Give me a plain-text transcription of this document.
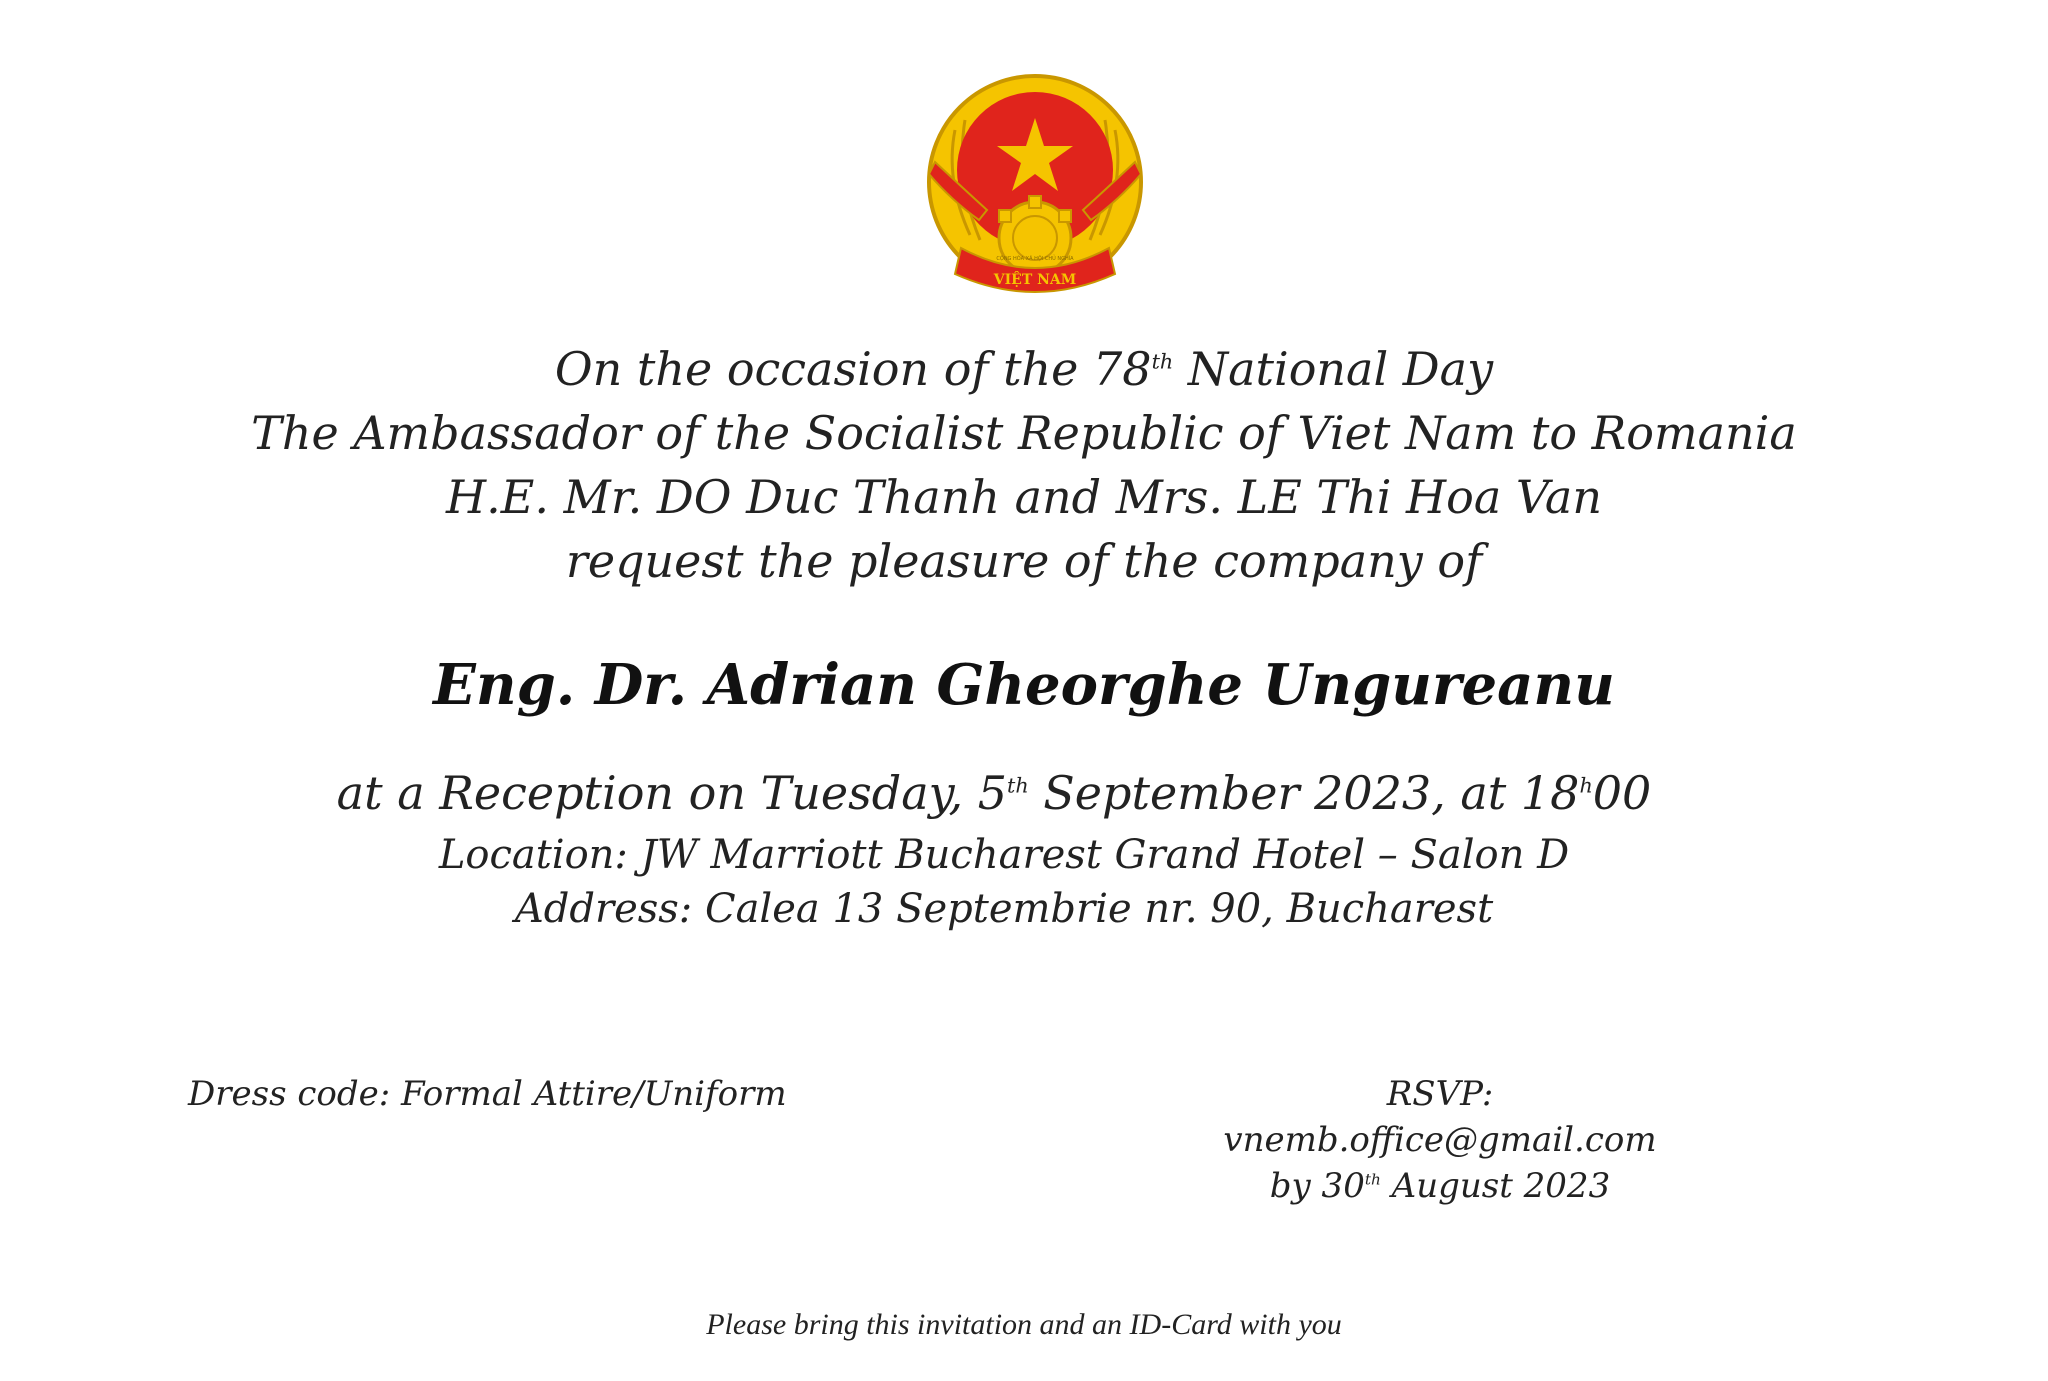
VIỆT NAM
CỘNG HÒA XÃ HỘI CHỦ NGHĨA
On the occasion of the 78th National Day
The Ambassador of the Socialist Republic of Viet Nam to Romania
H.E. Mr. DO Duc Thanh and Mrs. LE Thi Hoa Van
request the pleasure of the company of
Eng. Dr. Adrian Gheorghe Ungureanu
at a Reception on Tuesday, 5th September 2023, at 18$^h$00
Location: JW Marriott Bucharest Grand Hotel – Salon D
Address: Calea 13 Septembrie nr. 90, Bucharest
Dress code: Formal Attire/Uniform	RSVP:
vnemb.office@gmail.com
by 30th August 2023
Please bring this invitation and an ID-Card with you
